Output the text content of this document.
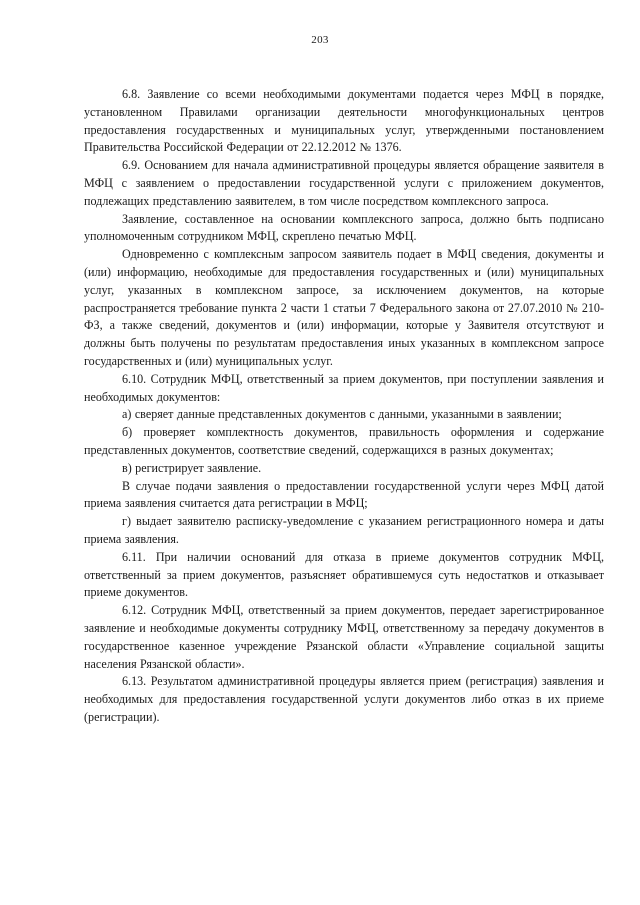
203

6.8. Заявление со всеми необходимыми документами подается через МФЦ в порядке, установленном Правилами организации деятельности многофункциональных центров предоставления государственных и муниципальных услуг, утвержденными постановлением Правительства Российской Федерации от 22.12.2012 № 1376.

6.9. Основанием для начала административной процедуры является обращение заявителя в МФЦ с заявлением о предоставлении государственной услуги с приложением документов, подлежащих представлению заявителем, в том числе посредством комплексного запроса.

Заявление, составленное на основании комплексного запроса, должно быть подписано уполномоченным сотрудником МФЦ, скреплено печатью МФЦ.

Одновременно с комплексным запросом заявитель подает в МФЦ сведения, документы и (или) информацию, необходимые для предоставления государственных и (или) муниципальных услуг, указанных в комплексном запросе, за исключением документов, на которые распространяется требование пункта 2 части 1 статьи 7 Федерального закона от 27.07.2010 № 210-ФЗ, а также сведений, документов и (или) информации, которые у Заявителя отсутствуют и должны быть получены по результатам предоставления иных указанных в комплексном запросе государственных и (или) муниципальных услуг.

6.10. Сотрудник МФЦ, ответственный за прием документов, при поступлении заявления и необходимых документов:

а) сверяет данные представленных документов с данными, указанными в заявлении;

б) проверяет комплектность документов, правильность оформления и содержание представленных документов, соответствие сведений, содержащихся в разных документах;

в) регистрирует заявление.

В случае подачи заявления о предоставлении государственной услуги через МФЦ датой приема заявления считается дата регистрации в МФЦ;

г) выдает заявителю расписку-уведомление с указанием регистрационного номера и даты приема заявления.

6.11. При наличии оснований для отказа в приеме документов сотрудник МФЦ, ответственный за прием документов, разъясняет обратившемуся суть недостатков и отказывает приеме документов.

6.12. Сотрудник МФЦ, ответственный за прием документов, передает зарегистрированное заявление и необходимые документы сотруднику МФЦ, ответственному за передачу документов в государственное казенное учреждение Рязанской области «Управление социальной защиты населения Рязанской области».

6.13. Результатом административной процедуры является прием (регистрация) заявления и необходимых для предоставления государственной услуги документов либо отказ в их приеме (регистрации).
